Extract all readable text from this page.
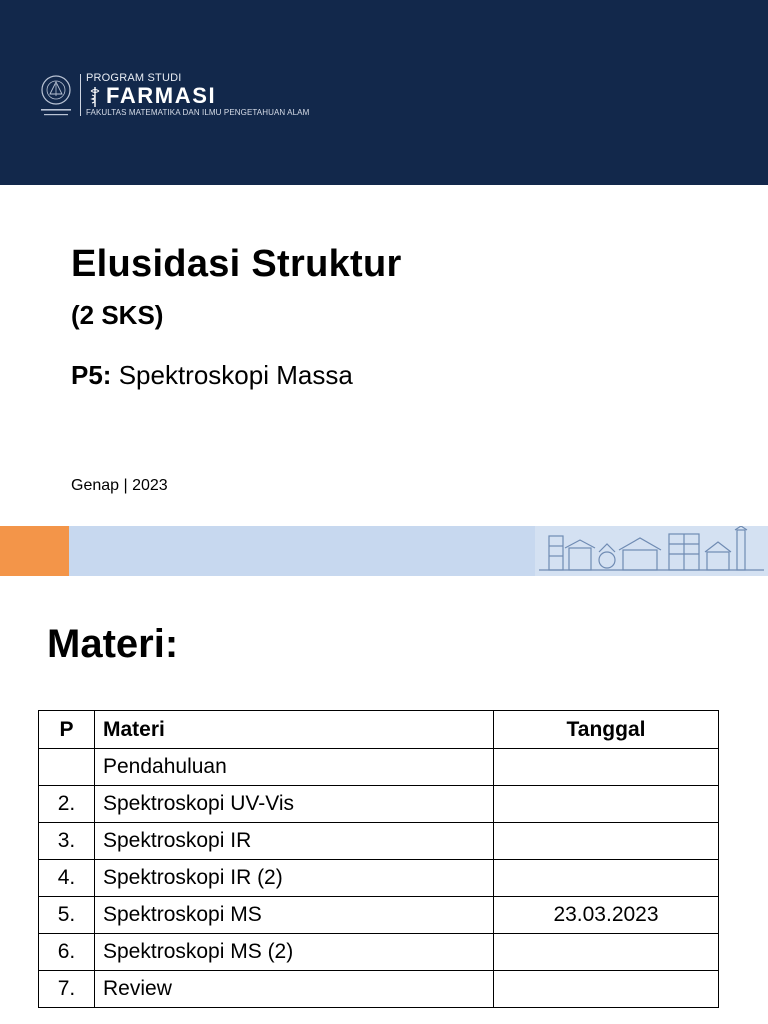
PROGRAM STUDI
FARMASI
FAKULTAS MATEMATIKA DAN ILMU PENGETAHUAN ALAM
Elusidasi Struktur
(2 SKS)
P5: Spektroskopi Massa
Genap | 2023
Materi:
P	Materi	Tanggal
	Pendahuluan	
2.	Spektroskopi UV-Vis	
3.	Spektroskopi IR	
4.	Spektroskopi IR (2)	
5.	Spektroskopi MS	23.03.2023
6.	Spektroskopi MS (2)	
7.	Review	
